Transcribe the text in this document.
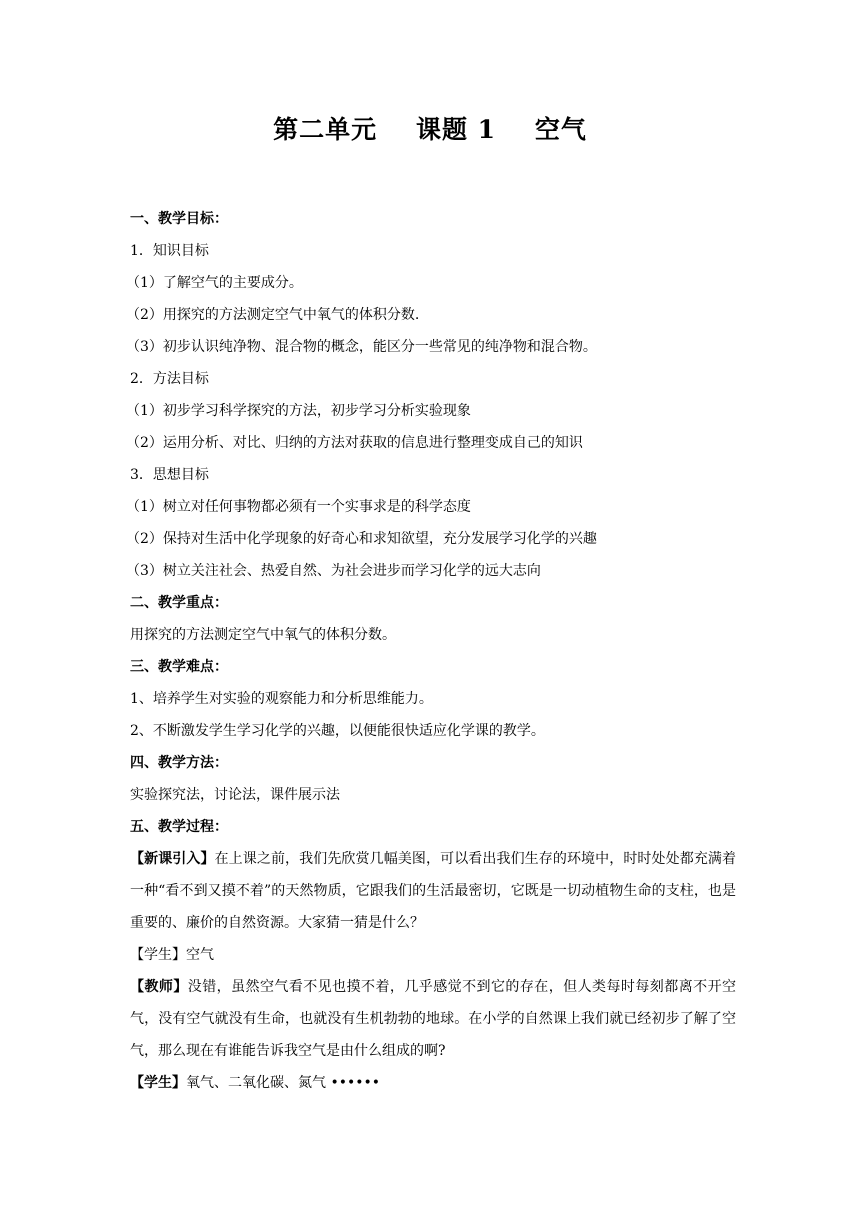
第二单元    课题 1    空气
一、教学目标：
1．知识目标
（1）了解空气的主要成分。
（2）用探究的方法测定空气中氧气的体积分数.
（3）初步认识纯净物、混合物的概念，能区分一些常见的纯净物和混合物。
2．方法目标
（1）初步学习科学探究的方法，初步学习分析实验现象
（2）运用分析、对比、归纳的方法对获取的信息进行整理变成自己的知识
3．思想目标
（1）树立对任何事物都必须有一个实事求是的科学态度
（2）保持对生活中化学现象的好奇心和求知欲望，充分发展学习化学的兴趣
（3）树立关注社会、热爱自然、为社会进步而学习化学的远大志向
二、教学重点：
用探究的方法测定空气中氧气的体积分数。
三、教学难点：
1、培养学生对实验的观察能力和分析思维能力。
2、不断激发学生学习化学的兴趣，以便能很快适应化学课的教学。
四、教学方法：
实验探究法，讨论法，课件展示法
五、教学过程：
【新课引入】在上课之前，我们先欣赏几幅美图，可以看出我们生存的环境中，时时处处都充满着一种“看不到又摸不着”的天然物质，它跟我们的生活最密切，它既是一切动植物生命的支柱，也是重要的、廉价的自然资源。大家猜一猜是什么？
【学生】空气
【教师】没错，虽然空气看不见也摸不着，几乎感觉不到它的存在，但人类每时每刻都离不开空气，没有空气就没有生命，也就没有生机勃勃的地球。在小学的自然课上我们就已经初步了解了空气，那么现在有谁能告诉我空气是由什么组成的啊?
【学生】氧气、二氧化碳、氮气 ••••••
